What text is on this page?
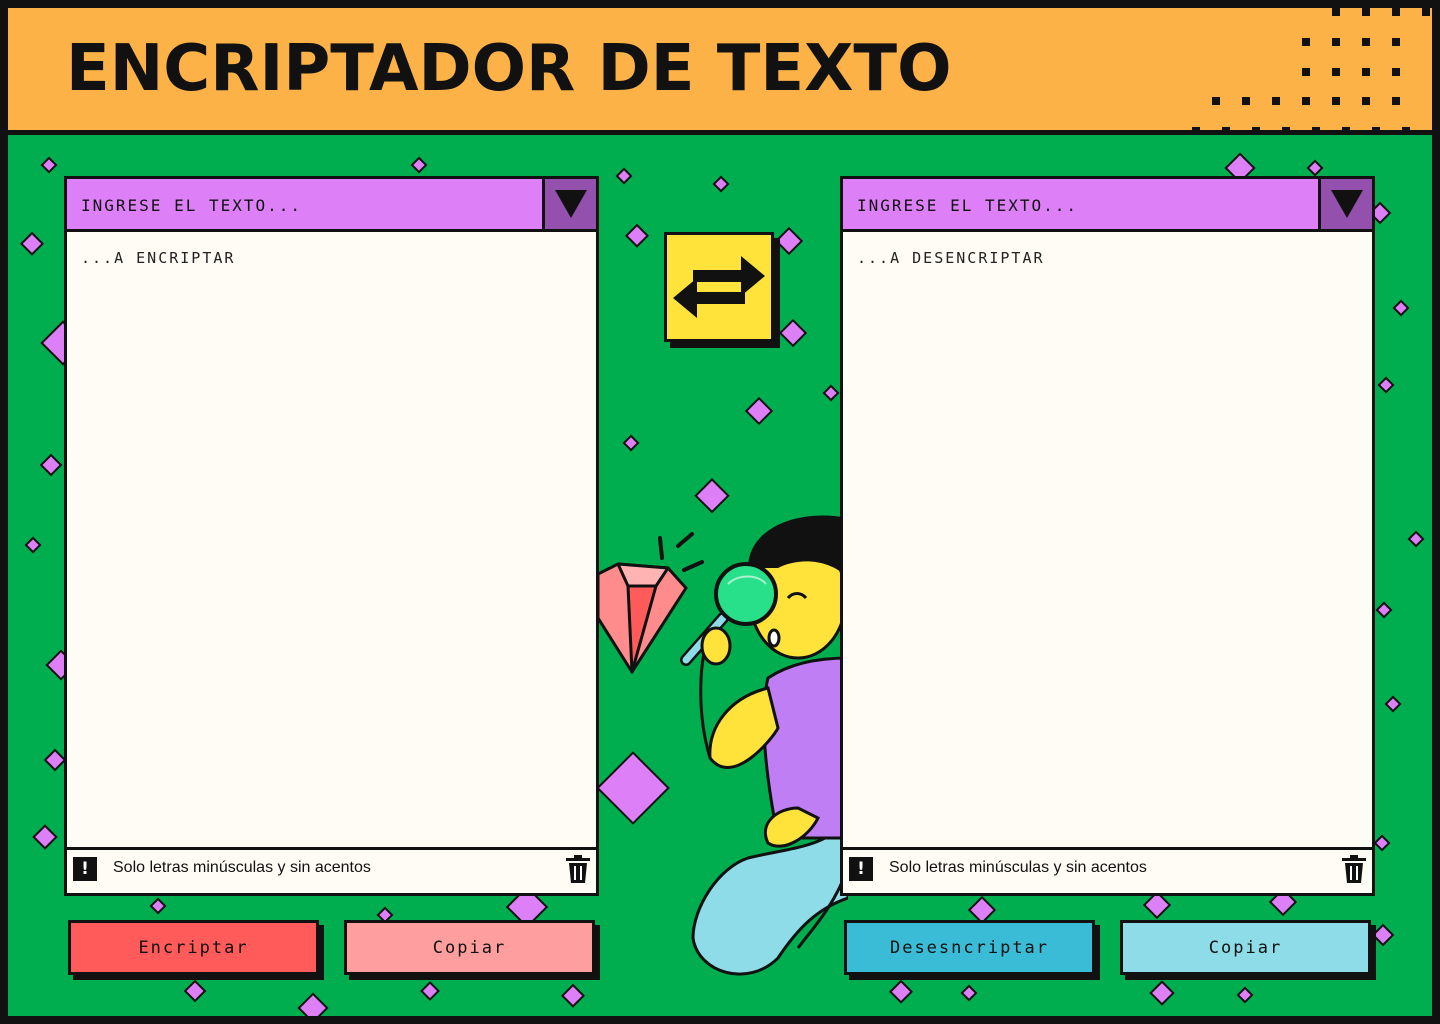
ENCRIPTADOR DE TEXTO
INGRESE EL TEXTO...
...A ENCRIPTAR
!	Solo letras minúsculas y sin acentos
INGRESE EL TEXTO...
...A DESENCRIPTAR
!	Solo letras minúsculas y sin acentos
Encriptar	Copiar	Desesncriptar	Copiar
